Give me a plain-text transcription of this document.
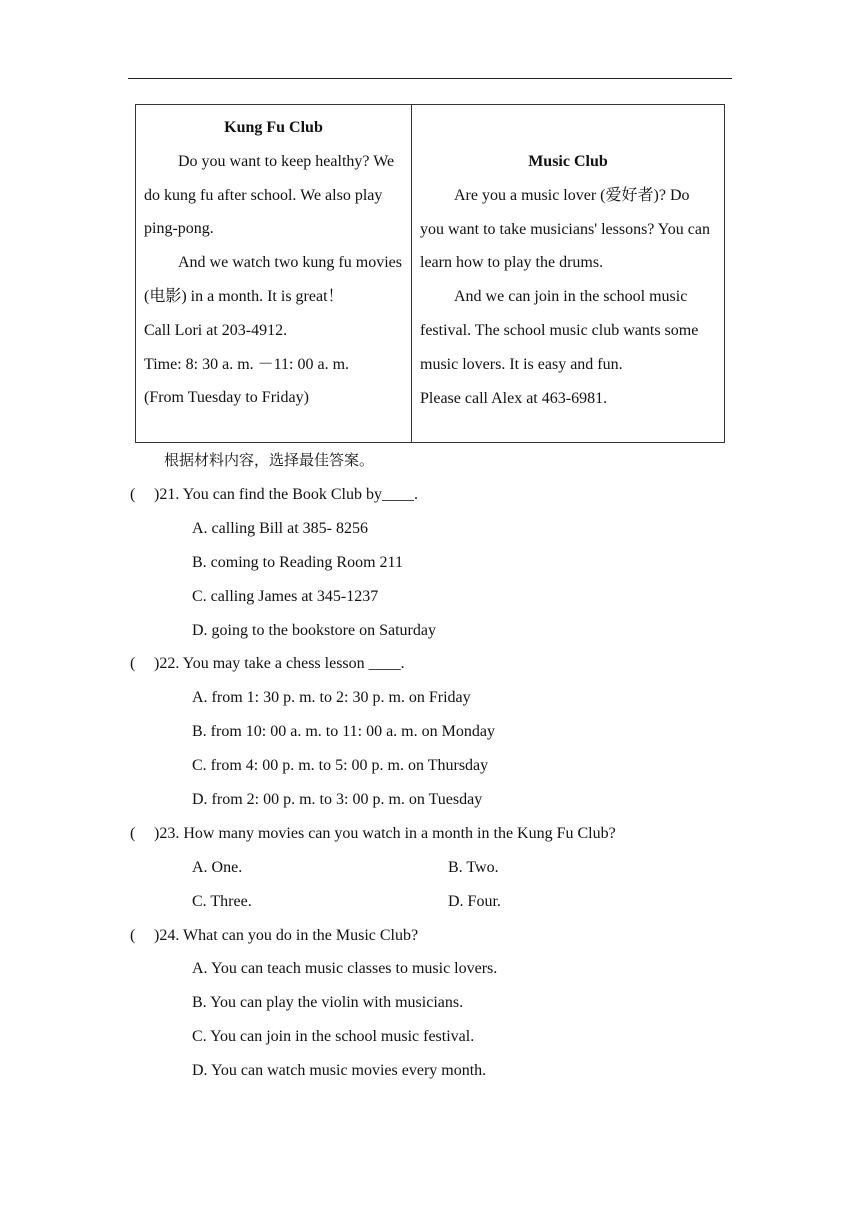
Kung Fu Club
Do you want to keep healthy? We do kung fu after school. We also play ping-pong.
And we watch two kung fu movies (电影) in a month. It is great！
Call Lori at 203-4912.
Time: 8: 30 a. m. －11: 00 a. m.
(From Tuesday to Friday)
Music Club
Are you a music lover (爱好者)? Do you want to take musicians' lessons? You can learn how to play the drums.
And we can join in the school music festival. The school music club wants some music lovers. It is easy and fun.
Please call Alex at 463-6981.
根据材料内容，选择最佳答案。
(	)21. You can find the Book Club by____.
A. calling Bill at 385- 8256
B. coming to Reading Room 211
C. calling James at 345-1237
D. going to the bookstore on Saturday
(	)22. You may take a chess lesson ____.
A. from 1: 30 p. m. to 2: 30 p. m. on Friday
B. from 10: 00 a. m. to 11: 00 a. m. on Monday
C. from 4: 00 p. m. to 5: 00 p. m. on Thursday
D. from 2: 00 p. m. to 3: 00 p. m. on Tuesday
(	)23. How many movies can you watch in a month in the Kung Fu Club?
A. One.	B. Two.
C. Three.	D. Four.
(	)24. What can you do in the Music Club?
A. You can teach music classes to music lovers.
B. You can play the violin with musicians.
C. You can join in the school music festival.
D. You can watch music movies every month.
